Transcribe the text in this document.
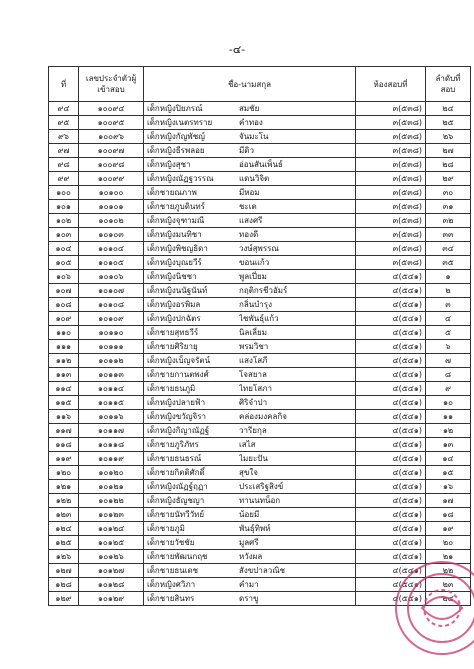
-๔-
ที่	เลขประจำตัวผู้เข้าสอบ	ชื่อ-นามสกุล	ห้องสอบที่	ลำดับที่สอบ
๙๔	๑๐๐๙๔	เด็กหญิงปิยภรณ์ สมชัย	๓(๕๓๘)	๒๔
๙๕	๑๐๐๙๕	เด็กหญิงเนตรทราย คำทอง	๓(๕๓๘)	๒๕
๙๖	๑๐๐๙๖	เด็กหญิงกัญพัชญ์ จันมะโน	๓(๕๓๘)	๒๖
๙๗	๑๐๐๙๗	เด็กหญิงธีรพลอย มีดิว	๓(๕๓๘)	๒๗
๙๘	๑๐๐๙๘	เด็กหญิงสุชา อ่อนสันเพ็นธ์	๓(๕๓๘)	๒๘
๙๙	๑๐๐๙๙	เด็กหญิงณัฏฐวรรณ แดนวิจิต	๓(๕๓๘)	๒๙
๑๐๐	๑๐๑๐๐	เด็กชายณภาพ มีหอม	๓(๕๓๘)	๓๐
๑๐๑	๑๐๑๐๑	เด็กชายภูบดินทร์ ชะเต	๓(๕๓๘)	๓๑
๑๐๒	๑๐๑๐๒	เด็กหญิงจุฑามณี แสงศรี	๓(๕๓๘)	๓๒
๑๐๓	๑๐๑๐๓	เด็กหญิงมนทิชา ทองดี	๓(๕๓๘)	๓๓
๑๐๔	๑๐๑๐๔	เด็กหญิงพิชญธิดา วงษ์สุพรรณ	๓(๕๓๘)	๓๔
๑๐๕	๑๐๑๐๕	เด็กหญิงบุณยวีร์ ขอนแก้ว	๓(๕๓๘)	๓๕
๑๐๖	๑๐๑๐๖	เด็กหญิงนิชชา พูลเปี่ยม	๔(๕๔๑)	๑
๑๐๗	๑๐๑๐๗	เด็กหญิงนนัฐนันท์ กฤติกรชีวอัมร์	๔(๕๔๑)	๒
๑๐๘	๑๐๑๐๘	เด็กหญิงอรพิมล กลิ่นบำรุง	๔(๕๔๑)	๓
๑๐๙	๑๐๑๐๙	เด็กหญิงปกฉัตร ไชพันธุ์แก้ว	๔(๕๔๑)	๔
๑๑๐	๑๐๑๑๐	เด็กชายสุทธวีร์ นิลเลี่ยม	๔(๕๔๑)	๕
๑๑๑	๑๐๑๑๑	เด็กชายศิริยายุ พรมวิชา	๔(๕๔๑)	๖
๑๑๒	๑๐๑๑๒	เด็กหญิงเบ็ญจรัตน์ แสงโสภี	๔(๕๔๑)	๗
๑๑๓	๑๐๑๑๓	เด็กชายกานตพงศ์ โจสยาล	๔(๕๔๑)	๘
๑๑๔	๑๐๑๑๔	เด็กชายธนภูมิ ไทยโสภา	๔(๕๔๑)	๙
๑๑๕	๑๐๑๑๕	เด็กหญิงปลายฟ้า ศิริจำปา	๔(๕๔๑)	๑๐
๑๑๖	๑๐๑๑๖	เด็กหญิงขวัญจิรา คล่องมงคลกิจ	๔(๕๔๑)	๑๑
๑๑๗	๑๐๑๑๗	เด็กหญิงกิญาณัฏฐ์ วารียกุล	๔(๕๔๑)	๑๒
๑๑๘	๑๐๑๑๘	เด็กชายภูริภัทร เสไส	๔(๕๔๑)	๑๓
๑๑๙	๑๐๑๑๙	เด็กชายธนธรณ์ ไมยะปัน	๔(๕๔๑)	๑๔
๑๒๐	๑๐๑๒๐	เด็กชายกิตติศักดิ์ สุขใจ	๔(๕๔๑)	๑๕
๑๒๑	๑๐๑๒๑	เด็กหญิงณัฏฐ์ฤฏา ประเสริฐสิงข์	๔(๕๔๑)	๑๖
๑๒๒	๑๐๑๒๒	เด็กหญิงธัญชญา ทานนทน็อก	๔(๕๔๑)	๑๗
๑๒๓	๑๐๑๒๓	เด็กชายนัทวีวัทย์ น้อยมี	๔(๕๔๑)	๑๘
๑๒๔	๑๐๑๒๔	เด็กชายภูมิ พันธุ์ทิพห์	๔(๕๔๑)	๑๙
๑๒๕	๑๐๑๒๕	เด็กชายวัชชัย มูลศรี	๔(๕๔๑)	๒๐
๑๒๖	๑๐๑๒๖	เด็กชายพัฒนกฤช หวังผล	๔(๕๔๑)	๒๑
๑๒๗	๑๐๑๒๗	เด็กชายธนเดช สังขปาลวณิช	๔(๕๔๑)	๒๒
๑๒๘	๑๐๑๒๘	เด็กหญิงศวิภา คำมา	๔(๕๔๑)	๒๓
๑๒๙	๑๐๑๒๙	เด็กชายสินทร ดราขู	๔(๕๔๑)	๒๔
